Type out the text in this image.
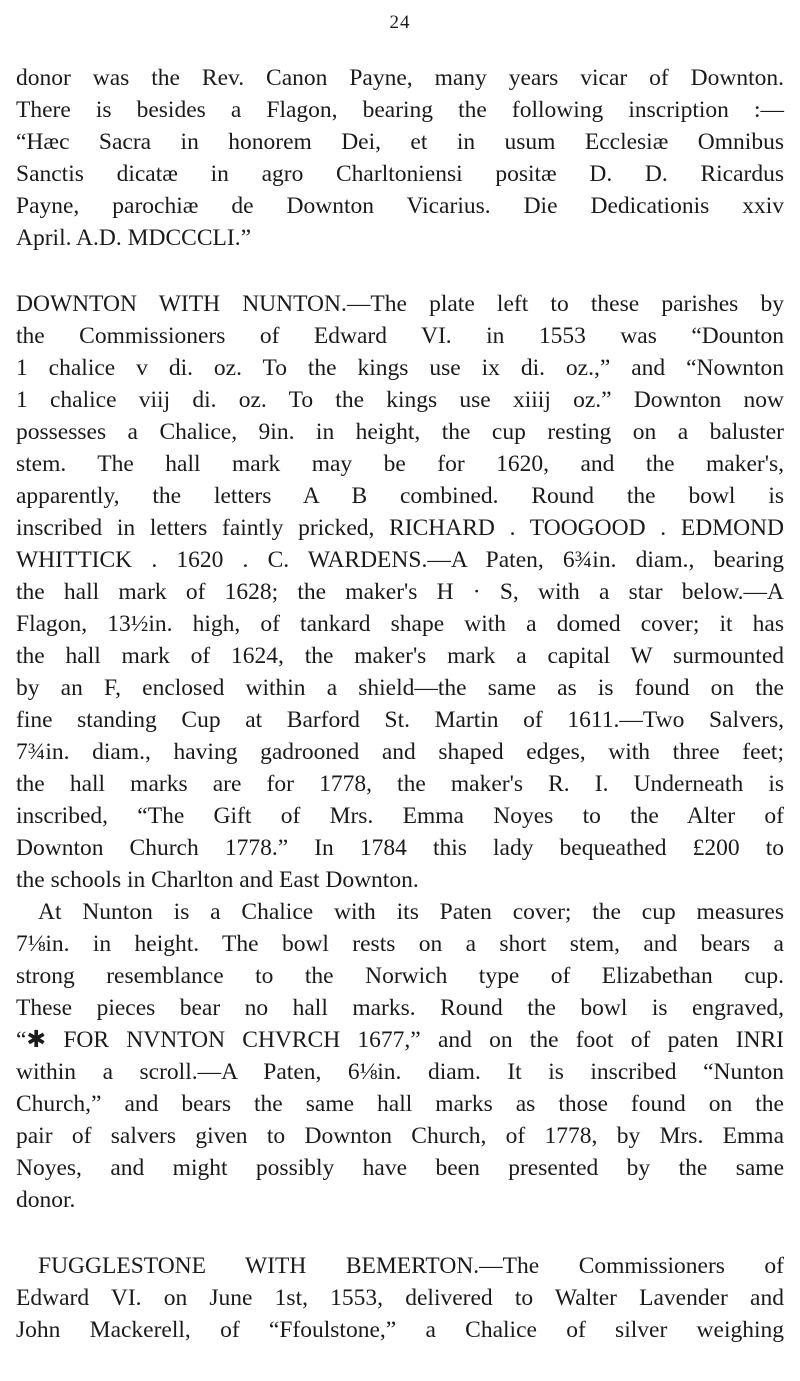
24
donor was the Rev. Canon Payne, many years vicar of Downton.
There is besides a Flagon, bearing the following inscription :—
“Hæc Sacra in honorem Dei, et in usum Ecclesiæ Omnibus
Sanctis dicatæ in agro Charltoniensi positæ D. D. Ricardus
Payne, parochiæ de Downton Vicarius. Die Dedicationis xxiv
April. A.D. MDCCCLI.”
DOWNTON WITH NUNTON.—The plate left to these parishes by
the Commissioners of Edward VI. in 1553 was “Dounton
1 chalice v di. oz. To the kings use ix di. oz.,” and “Nownton
1 chalice viij di. oz. To the kings use xiiij oz.” Downton now
possesses a Chalice, 9in. in height, the cup resting on a baluster
stem. The hall mark may be for 1620, and the maker's,
apparently, the letters A B combined. Round the bowl is
inscribed in letters faintly pricked, RICHARD . TOOGOOD . EDMOND
WHITTICK . 1620 . C. WARDENS.—A Paten, 6¾in. diam., bearing
the hall mark of 1628; the maker's H · S, with a star below.—A
Flagon, 13½in. high, of tankard shape with a domed cover; it has
the hall mark of 1624, the maker's mark a capital W surmounted
by an F, enclosed within a shield—the same as is found on the
fine standing Cup at Barford St. Martin of 1611.—Two Salvers,
7¾in. diam., having gadrooned and shaped edges, with three feet;
the hall marks are for 1778, the maker's R. I. Underneath is
inscribed, “The Gift of Mrs. Emma Noyes to the Alter of
Downton Church 1778.” In 1784 this lady bequeathed £200 to
the schools in Charlton and East Downton.
At Nunton is a Chalice with its Paten cover; the cup measures
7⅛in. in height. The bowl rests on a short stem, and bears a
strong resemblance to the Norwich type of Elizabethan cup.
These pieces bear no hall marks. Round the bowl is engraved,
“✱ FOR NVNTON CHVRCH 1677,” and on the foot of paten INRI
within a scroll.—A Paten, 6⅛in. diam. It is inscribed “Nunton
Church,” and bears the same hall marks as those found on the
pair of salvers given to Downton Church, of 1778, by Mrs. Emma
Noyes, and might possibly have been presented by the same
donor.
FUGGLESTONE WITH BEMERTON.—The Commissioners of
Edward VI. on June 1st, 1553, delivered to Walter Lavender and
John Mackerell, of “Ffoulstone,” a Chalice of silver weighing
